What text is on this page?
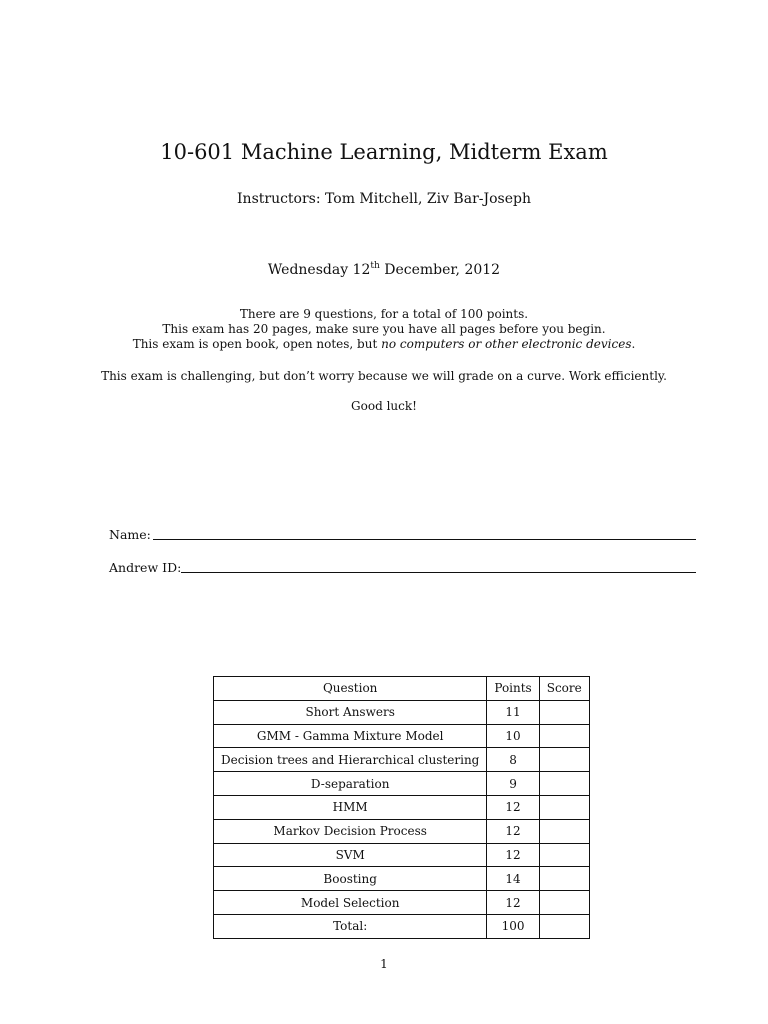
10-601 Machine Learning, Midterm Exam
Instructors: Tom Mitchell, Ziv Bar-Joseph
Wednesday 12th December, 2012
There are 9 questions, for a total of 100 points.
This exam has 20 pages, make sure you have all pages before you begin.
This exam is open book, open notes, but no computers or other electronic devices.
This exam is challenging, but don’t worry because we will grade on a curve. Work efficiently.
Good luck!
Name:
Andrew ID:
Question	Points	Score
Short Answers	11	
GMM - Gamma Mixture Model	10	
Decision trees and Hierarchical clustering	8	
D-separation	9	
HMM	12	
Markov Decision Process	12	
SVM	12	
Boosting	14	
Model Selection	12	
Total:	100	
1
